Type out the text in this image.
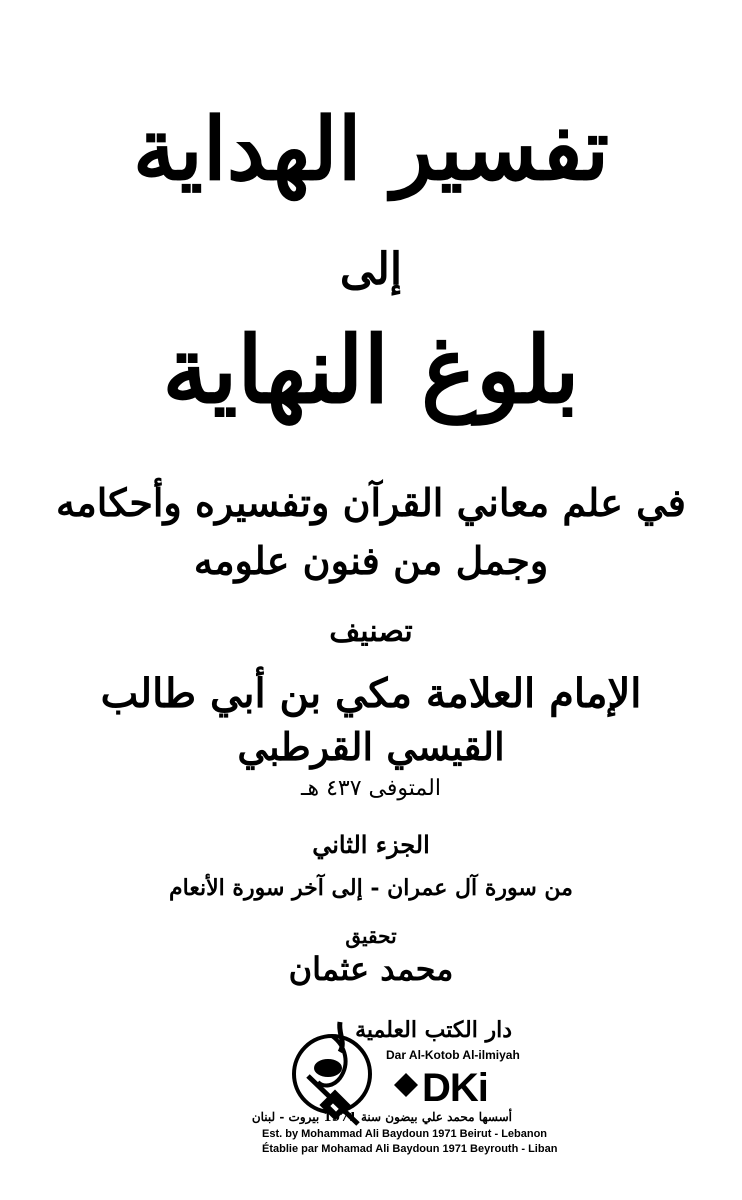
تفسير الهداية
إلى
بلوغ النهاية
في علم معاني القرآن وتفسيره وأحكامه
وجمل من فنون علومه
تصنيف
الإمام العلامة مكي بن أبي طالب
القيسي القرطبي
المتوفى ٤٣٧ هـ
الجزء الثاني
من سورة آل عمران - إلى آخر سورة الأنعام
تحقيق
محمد عثمان
دار الكتب العلمية
Dar Al-Kotob Al-ilmiyah
DKi
أسسها محمد علي بيضون سنة 1971 بيروت - لبنان
Est. by Mohammad Ali Baydoun 1971 Beirut - Lebanon
Établie par Mohamad Ali Baydoun 1971 Beyrouth - Liban
